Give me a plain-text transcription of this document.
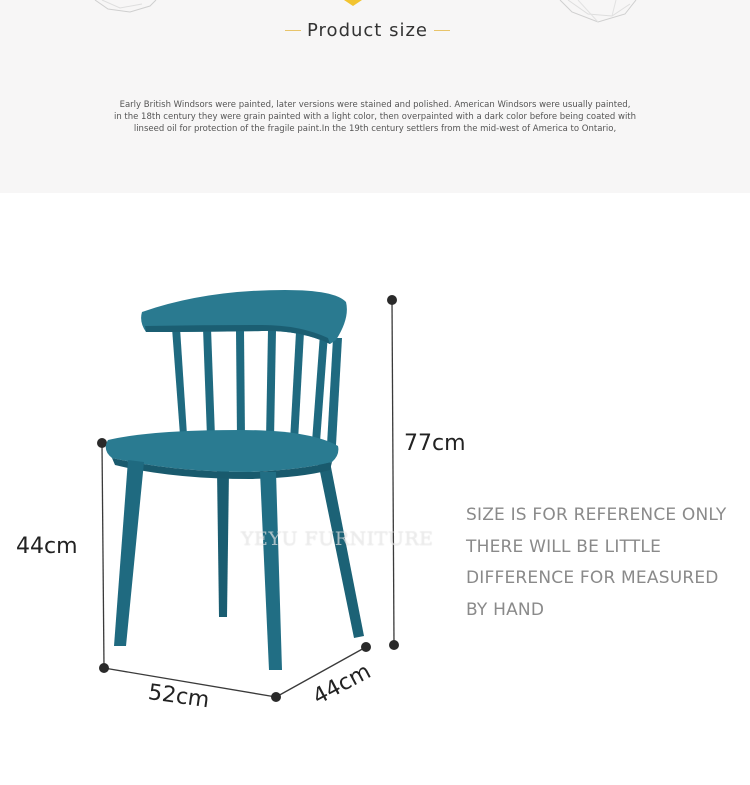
Product size
Early British Windsors were painted, later versions were stained and polished. American Windsors were usually painted,
in the 18th century they were grain painted with a light color, then overpainted with a dark color before being coated with
linseed oil for protection of the fragile paint.In the 19th century settlers from the mid-west of America to Ontario,
YEYU FURNITURE
77cm
44cm
52cm	44cm
SIZE IS FOR REFERENCE ONLY
THERE WILL BE LITTLE
DIFFERENCE FOR MEASURED
BY HAND
